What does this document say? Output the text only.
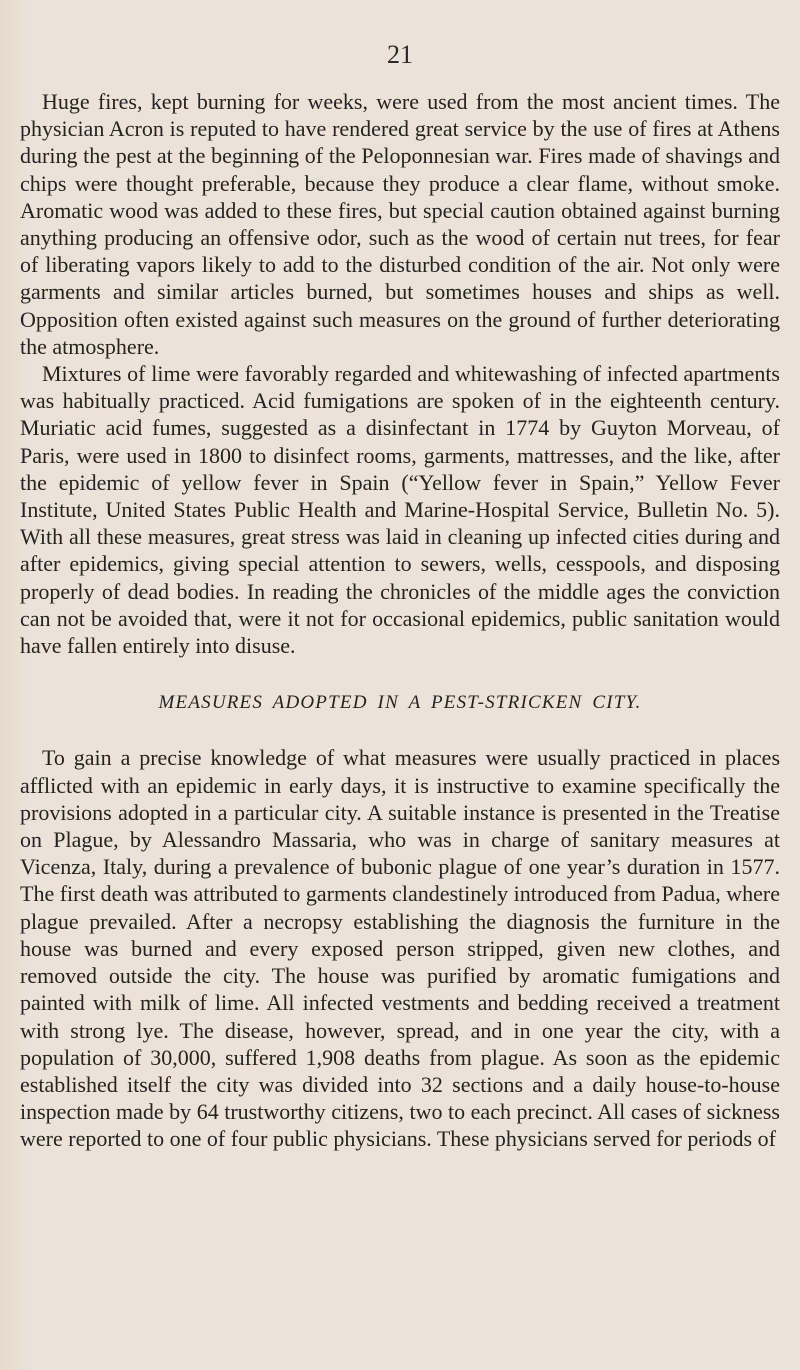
21

Huge fires, kept burning for weeks, were used from the most ancient times. The physician Acron is reputed to have rendered great service by the use of fires at Athens during the pest at the beginning of the Peloponnesian war. Fires made of shavings and chips were thought preferable, because they produce a clear flame, without smoke. Aromatic wood was added to these fires, but special caution obtained against burning anything producing an offensive odor, such as the wood of certain nut trees, for fear of liberating vapors likely to add to the disturbed condition of the air. Not only were garments and similar articles burned, but sometimes houses and ships as well. Opposition often existed against such measures on the ground of further deteriorating the atmosphere.

Mixtures of lime were favorably regarded and whitewashing of infected apartments was habitually practiced. Acid fumigations are spoken of in the eighteenth century. Muriatic acid fumes, suggested as a disinfectant in 1774 by Guyton Morveau, of Paris, were used in 1800 to disinfect rooms, garments, mattresses, and the like, after the epidemic of yellow fever in Spain (“Yellow fever in Spain,” Yellow Fever Institute, United States Public Health and Marine-Hospital Service, Bulletin No. 5). With all these measures, great stress was laid in cleaning up infected cities during and after epidemics, giving special attention to sewers, wells, cesspools, and disposing properly of dead bodies. In reading the chronicles of the middle ages the conviction can not be avoided that, were it not for occasional epidemics, public sanitation would have fallen entirely into disuse.

MEASURES ADOPTED IN A PEST-STRICKEN CITY.

To gain a precise knowledge of what measures were usually practiced in places afflicted with an epidemic in early days, it is instructive to examine specifically the provisions adopted in a particular city. A suitable instance is presented in the Treatise on Plague, by Alessandro Massaria, who was in charge of sanitary measures at Vicenza, Italy, during a prevalence of bubonic plague of one year’s duration in 1577. The first death was attributed to garments clandestinely introduced from Padua, where plague prevailed. After a necropsy establishing the diagnosis the furniture in the house was burned and every exposed person stripped, given new clothes, and removed outside the city. The house was purified by aromatic fumigations and painted with milk of lime. All infected vestments and bedding received a treatment with strong lye. The disease, however, spread, and in one year the city, with a population of 30,000, suffered 1,908 deaths from plague. As soon as the epidemic established itself the city was divided into 32 sections and a daily house-to-house inspection made by 64 trustworthy citizens, two to each precinct. All cases of sickness were reported to one of four public physicians. These physicians served for periods of
